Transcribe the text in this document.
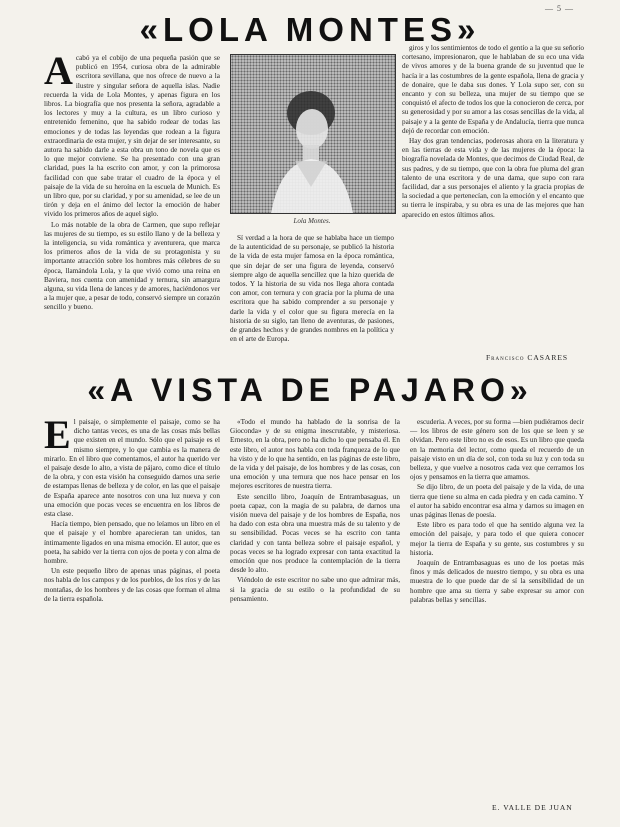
— 5 —
«LOLA MONTES»

Acabó ya el cobijo de una pequeña pasión que se publicó en 1954, curiosa obra de la admirable escritora sevillana, que nos ofrece de nuevo a la ilustre y singular señora de aquella islas. Nadie recuerda la vida de Lola Montes, y apenas figura en los libros. La biografía que nos presenta la señora, agradable a los lectores y muy a la cultura, es un libro curioso y entretenido femenino, que ha sabido rodear de todas las emociones y de todas las leyendas que rodean a la figura extraordinaria de esta mujer, y sin dejar de ser interesante, su autora ha sabido darle a esta obra un tono de novela que es lo que mejor conviene. Se ha presentado con una gran claridad, pues la ha escrito con amor, y con la primorosa facilidad con que sabe tratar el cuadro de la época y el paisaje de la vida de su heroína en la escuela de Munich. Es un libro que, por su claridad, y por su amenidad, se lee de un tirón y deja en el ánimo del lector la emoción de haber vivido los primeros años de aquel siglo.

Lo más notable de la obra de Carmen, que supo reflejar las mujeres de su tiempo, es su estilo llano y de la belleza y la inteligencia, su vida romántica y aventurera, que marca los primeros años de la vida de su protagonista y su importante atracción sobre los hombres más célebres de su época, llamándola Lola, y la que vivió como una reina en Baviera, nos cuenta con amenidad y ternura, sin amargura alguna, su vida llena de lances y de amores, haciéndonos ver a la mujer que, a pesar de todo, conservó siempre un corazón sencillo y bueno.

Lola Montes.

giros y los sentimientos de todo el gentío a la que su señorío cortesano, impresionaron, que le hablaban de su eco una vida de vivos amores y de la buena grande de su juventud que le hacía ir a las costumbres de la gente española, llena de gracia y de donaire, que le daba sus dones. Y Lola supo ser, con su encanto y con su belleza, una mujer de su tiempo que se conquistó el afecto de todos los que la conocieron de cerca, por su generosidad y por su amor a las cosas sencillas de la vida, al paisaje y a la gente de España y de Andalucía, tierra que nunca dejó de recordar con emoción.

Hay dos gran tendencias, poderosas ahora en la literatura y en las tierras de esta vida y de las mujeres de la época: la biografía novelada de Montes, que decimos de Ciudad Real, de sus padres, y de su tiempo, que con la obra fue pluma del gran talento de una escritora y de una dama, que supo con rara facilidad, dar a sus personajes el aliento y la gracia propias de la sociedad a que pertenecían, con la emoción y el encanto que su tierra le inspiraba, y su obra es una de las mejores que han aparecido en estos últimos años.

Sí verdad a la hora de que se hablaba hace un tiempo de la autenticidad de su personaje, se publicó la historia de la vida de esta mujer famosa en la época romántica, que sin dejar de ser una figura de leyenda, conservó siempre algo de aquella sencillez que la hizo querida de todos. Y la historia de su vida nos llega ahora contada con amor, con ternura y con gracia por la pluma de una escritora que ha sabido comprender a su personaje y darle la vida y el color que su figura merecía en la historia de su siglo, tan lleno de aventuras, de pasiones, de grandes hechos y de grandes nombres en la política y en el arte de Europa.

Francisco CASARES
«A VISTA DE PAJARO»

El paisaje, o simplemente el paisaje, como se ha dicho tantas veces, es una de las cosas más bellas que existen en el mundo. Sólo que el paisaje es el mismo siempre, y lo que cambia es la manera de mirarlo. En el libro que comentamos, el autor ha querido ver el paisaje desde lo alto, a vista de pájaro, como dice el título de la obra, y con esta visión ha conseguido darnos una serie de estampas llenas de belleza y de color, en las que el paisaje de España aparece ante nosotros con una luz nueva y con una emoción que pocas veces se encuentra en los libros de esta clase.

Hacía tiempo, bien pensado, que no leíamos un libro en el que el paisaje y el hombre aparecieran tan unidos, tan íntimamente ligados en una misma emoción. El autor, que es poeta, ha sabido ver la tierra con ojos de poeta y con alma de hombre.

Un este pequeño libro de apenas unas páginas, el poeta nos habla de los campos y de los pueblos, de los ríos y de las montañas, de los hombres y de las cosas que forman el alma de la tierra española.

«Todo el mundo ha hablado de la sonrisa de la Gioconda» y de su enigma inescrutable, y misteriosa. Ernesto, en la obra, pero no ha dicho lo que pensaba él. En este libro, el autor nos habla con toda franqueza de lo que ha visto y de lo que ha sentido, en las páginas de este libro, de la vida y del paisaje, de los hombres y de las cosas, con una emoción y una ternura que nos hace pensar en los mejores escritores de nuestra tierra.

Este sencillo libro, Joaquín de Entrambasaguas, un poeta capaz, con la magia de su palabra, de darnos una visión nueva del paisaje y de los hombres de España, nos ha dado con esta obra una muestra más de su talento y de su sensibilidad. Pocas veces se ha escrito con tanta claridad y con tanta belleza sobre el paisaje español, y pocas veces se ha logrado expresar con tanta exactitud la emoción que nos produce la contemplación de la tierra desde lo alto.

Viéndolo de este escritor no sabe uno que admirar más, si la gracia de su estilo o la profundidad de su pensamiento.

escuderia. A veces, por su forma —bien pudiéramos decir— los libros de este género son de los que se leen y se olvidan. Pero este libro no es de esos. Es un libro que queda en la memoria del lector, como queda el recuerdo de un paisaje visto en un día de sol, con toda su luz y con toda su belleza, y que vuelve a nosotros cada vez que cerramos los ojos y pensamos en la tierra que amamos.

Se dijo libro, de un poeta del paisaje y de la vida, de una tierra que tiene su alma en cada piedra y en cada camino. Y el autor ha sabido encontrar esa alma y darnos su imagen en unas páginas llenas de poesía.

Este libro es para todo el que ha sentido alguna vez la emoción del paisaje, y para todo el que quiera conocer mejor la tierra de España y su gente, sus costumbres y su historia.

Joaquín de Entrambasaguas es uno de los poetas más finos y más delicados de nuestro tiempo, y su obra es una muestra de lo que puede dar de sí la sensibilidad de un hombre que ama su tierra y sabe expresar su amor con palabras bellas y sencillas.

E. VALLE DE JUAN
